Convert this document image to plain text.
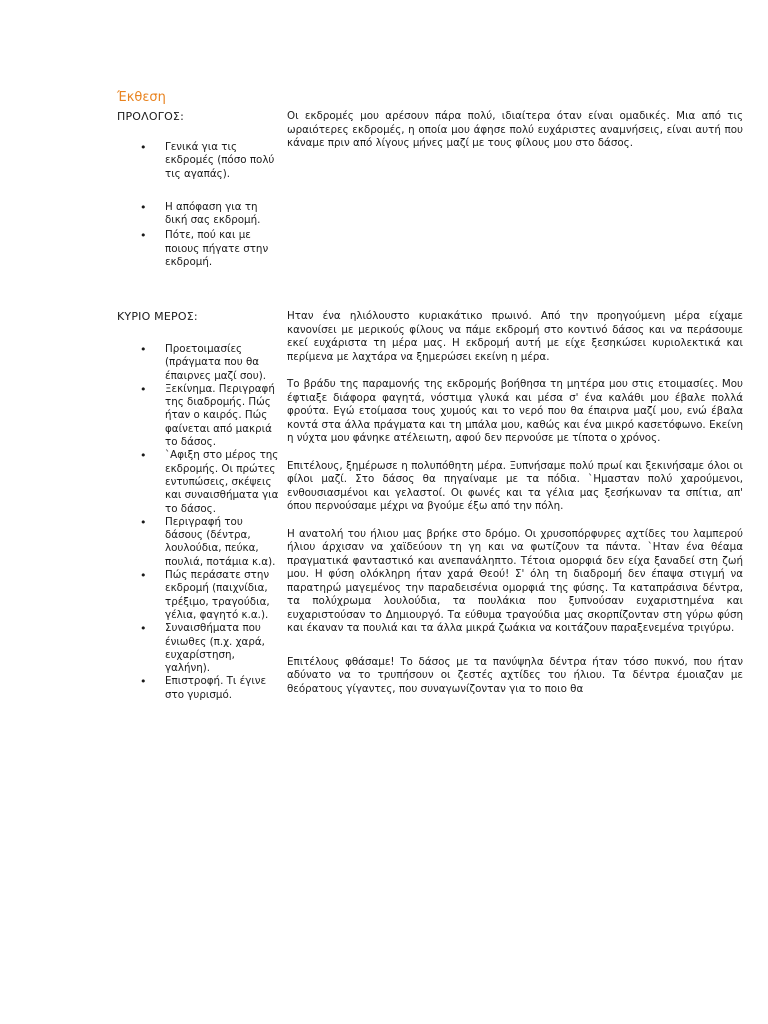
Έκθεση
ΠΡΟΛΟΓΟΣ:
• Γενικά για τις εκδρομές (πόσο πολύ τις αγαπάς).
• Η απόφαση για τη δική σας εκδρομή.
• Πότε, πού και με ποιους πήγατε στην εκδρομή.

Οι εκδρομές μου αρέσουν πάρα πολύ, ιδιαίτερα όταν είναι ομαδικές. Μια από τις ωραιότερες εκδρομές, η οποία μου άφησε πολύ ευχάριστες αναμνήσεις, είναι αυτή που κάναμε πριν από λίγους μήνες μαζί με τους φίλους μου στο δάσος.

ΚΥΡΙΟ ΜΕΡΟΣ:
• Προετοιμασίες (πράγματα που θα έπαιρνες μαζί σου).
• Ξεκίνημα. Περιγραφή της διαδρομής. Πώς ήταν ο καιρός. Πώς φαίνεται από μακριά το δάσος.
• `Αφιξη στο μέρος της εκδρομής. Οι πρώτες εντυπώσεις, σκέψεις και συναισθήματα για το δάσος.
• Περιγραφή του δάσους (δέντρα, λουλούδια, πεύκα, πουλιά, ποτάμια κ.α).
• Πώς περάσατε στην εκδρομή (παιχνίδια, τρέξιμο, τραγούδια, γέλια, φαγητό κ.α.).
• Συναισθήματα που ένιωθες (π.χ. χαρά, ευχαρίστηση, γαλήνη).
• Επιστροφή. Τι έγινε στο γυρισμό.

Ηταν ένα ηλιόλουστο κυριακάτικο πρωινό. Από την προηγούμενη μέρα είχαμε κανονίσει με μερικούς φίλους να πάμε εκδρομή στο κοντινό δάσος και να περάσουμε εκεί ευχάριστα τη μέρα μας. Η εκδρομή αυτή με είχε ξεσηκώσει κυριολεκτικά και περίμενα με λαχτάρα να ξημερώσει εκείνη η μέρα.

Το βράδυ της παραμονής της εκδρομής βοήθησα τη μητέρα μου στις ετοιμασίες. Μου έφτιαξε διάφορα φαγητά, νόστιμα γλυκά και μέσα σ' ένα καλάθι μου έβαλε πολλά φρούτα. Εγώ ετοίμασα τους χυμούς και το νερό που θα έπαιρνα μαζί μου, ενώ έβαλα κοντά στα άλλα πράγματα και τη μπάλα μου, καθώς και ένα μικρό κασετόφωνο. Εκείνη η νύχτα μου φάνηκε ατέλειωτη, αφού δεν περνούσε με τίποτα ο χρόνος.

Επιτέλους, ξημέρωσε η πολυπόθητη μέρα. Ξυπνήσαμε πολύ πρωί και ξεκινήσαμε όλοι οι φίλοι μαζί. Στο δάσος θα πηγαίναμε με τα πόδια. `Ημασταν πολύ χαρούμενοι, ενθουσιασμένοι και γελαστοί. Οι φωνές και τα γέλια μας ξεσήκωναν τα σπίτια, απ' όπου περνούσαμε μέχρι να βγούμε έξω από την πόλη.

Η ανατολή του ήλιου μας βρήκε στο δρόμο. Οι χρυσοπόρφυρες αχτίδες του λαμπερού ήλιου άρχισαν να χαϊδεύουν τη γη και να φωτίζουν τα πάντα. `Ηταν ένα θέαμα πραγματικά φανταστικό και ανεπανάληπτο. Τέτοια ομορφιά δεν είχα ξαναδεί στη ζωή μου. Η φύση ολόκληρη ήταν χαρά Θεού! Σ' όλη τη διαδρομή δεν έπαψα στιγμή να παρατηρώ μαγεμένος την παραδεισένια ομορφιά της φύσης. Τα καταπράσινα δέντρα, τα πολύχρωμα λουλούδια, τα πουλάκια που ξυπνούσαν ευχαριστημένα και ευχαριστούσαν το Δημιουργό. Τα εύθυμα τραγούδια μας σκορπίζονταν στη γύρω φύση και έκαναν τα πουλιά και τα άλλα μικρά ζωάκια να κοιτάζουν παραξενεμένα τριγύρω.

Επιτέλους φθάσαμε! Το δάσος με τα πανύψηλα δέντρα ήταν τόσο πυκνό, που ήταν αδύνατο να το τρυπήσουν οι ζεστές αχτίδες του ήλιου. Τα δέντρα έμοιαζαν με θεόρατους γίγαντες, που συναγωνίζονταν για το ποιο θα
